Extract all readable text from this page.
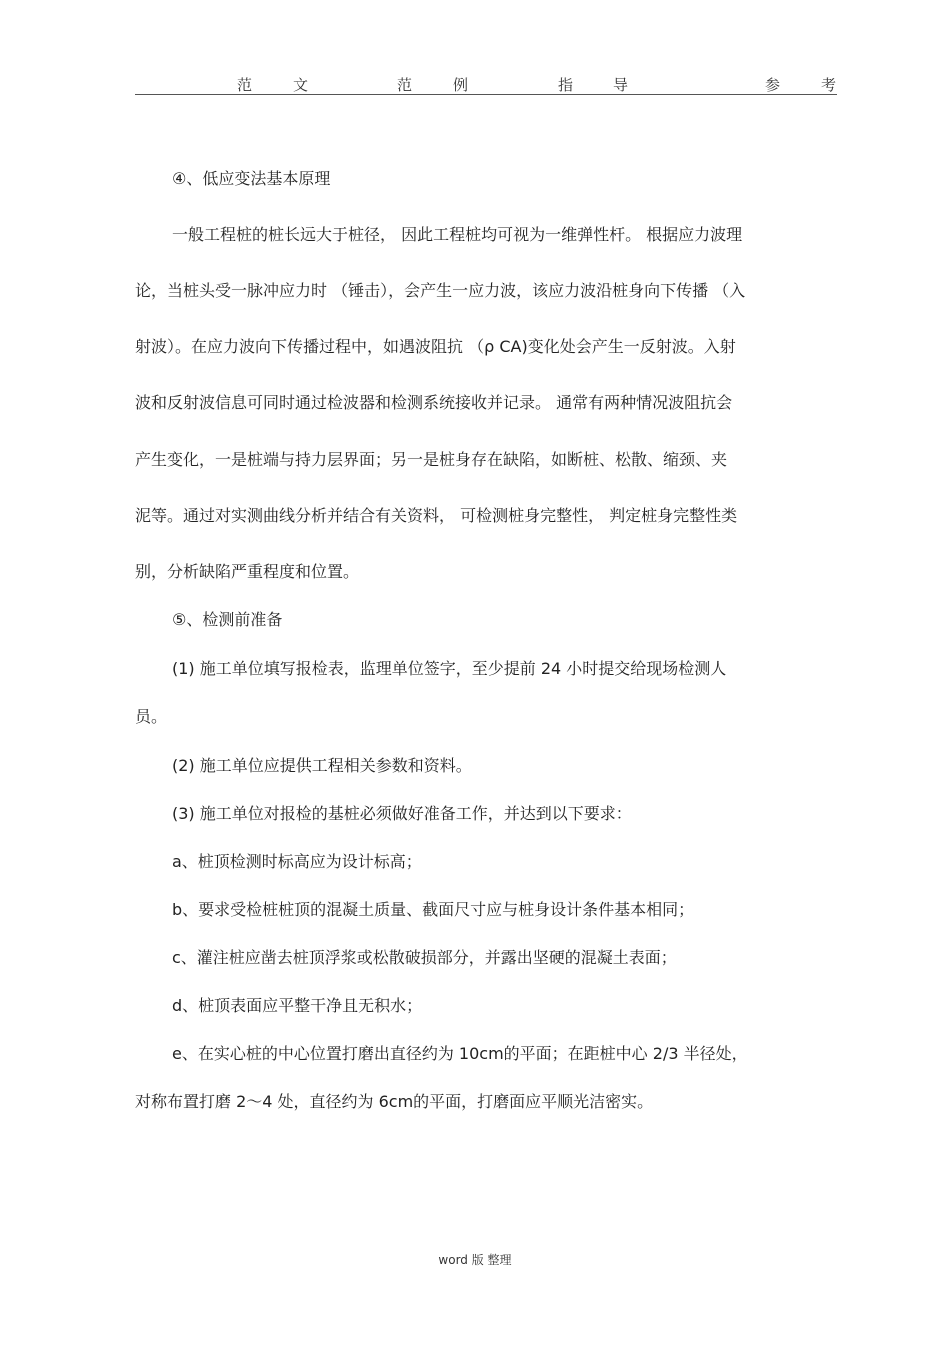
范	文	范	例	指	导	参	考
④、低应变法基本原理
一般工程桩的桩长远大于桩径， 因此工程桩均可视为一维弹性杆。 根据应力波理
论，当桩头受一脉冲应力时 （锤击），会产生一应力波，该应力波沿桩身向下传播 （入
射波）。在应力波向下传播过程中，如遇波阻抗 （ρ CA)变化处会产生一反射波。入射
波和反射波信息可同时通过检波器和检测系统接收并记录。 通常有两种情况波阻抗会
产生变化，一是桩端与持力层界面；另一是桩身存在缺陷，如断桩、松散、缩颈、夹
泥等。通过对实测曲线分析并结合有关资料， 可检测桩身完整性， 判定桩身完整性类
别，分析缺陷严重程度和位置。
⑤、检测前准备
(1) 施工单位填写报检表，监理单位签字，至少提前 24 小时提交给现场检测人
员。
(2) 施工单位应提供工程相关参数和资料。
(3) 施工单位对报检的基桩必须做好准备工作，并达到以下要求：
a、桩顶检测时标高应为设计标高；
b、要求受检桩桩顶的混凝土质量、截面尺寸应与桩身设计条件基本相同；
c、灌注桩应凿去桩顶浮浆或松散破损部分，并露出坚硬的混凝土表面；
d、桩顶表面应平整干净且无积水；
e、在实心桩的中心位置打磨出直径约为 10cm的平面；在距桩中心 2/3 半径处，
对称布置打磨 2～4 处，直径约为 6cm的平面，打磨面应平顺光洁密实。
word 版 整理
